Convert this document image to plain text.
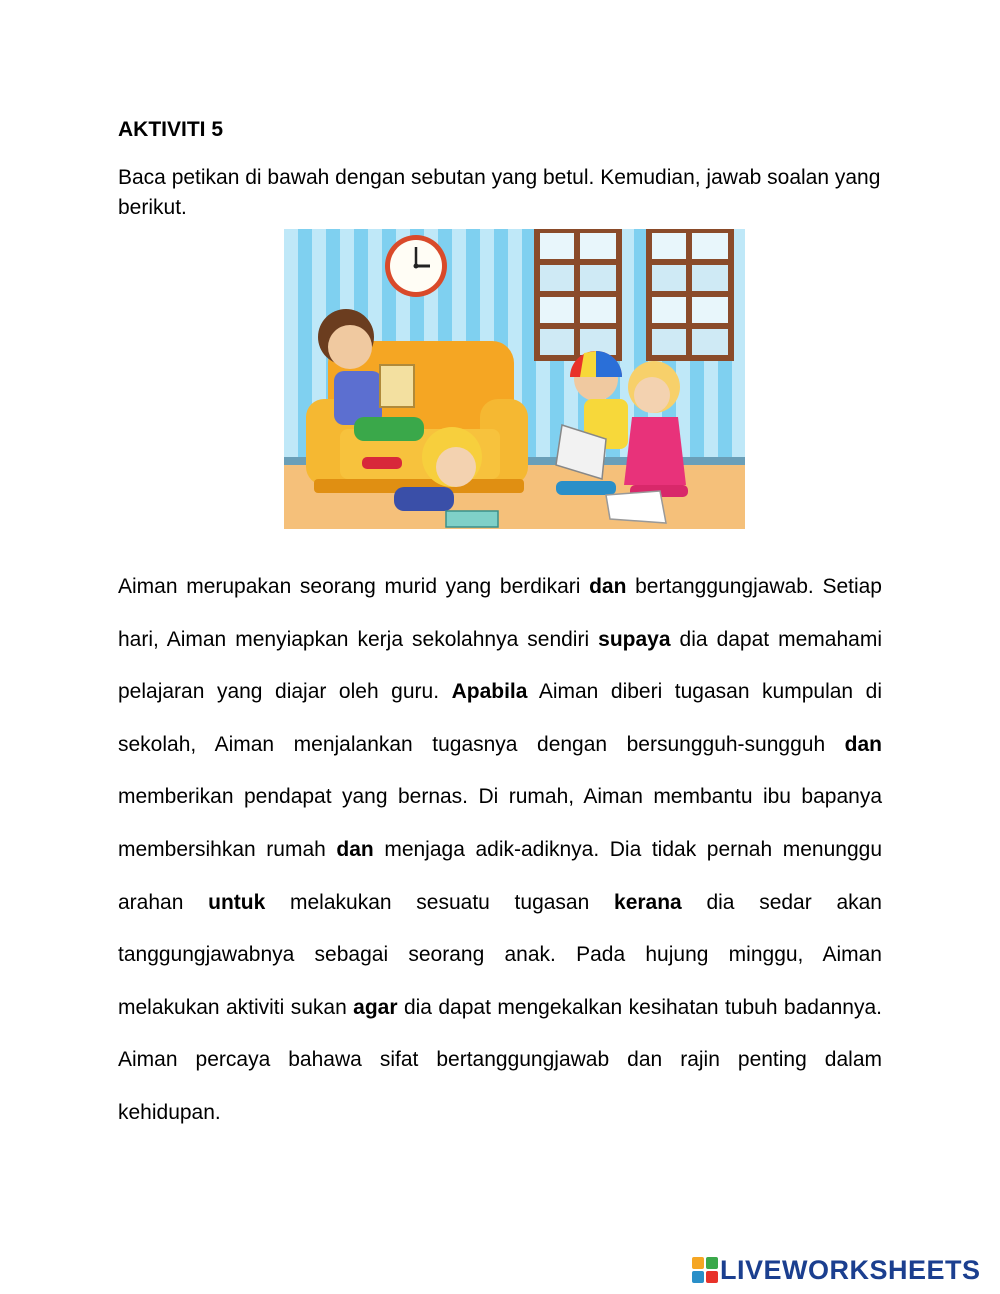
AKTIVITI 5

Baca petikan di bawah dengan sebutan yang betul. Kemudian, jawab soalan yang berikut.

Aiman merupakan seorang murid yang berdikari dan bertanggungjawab. Setiap hari, Aiman menyiapkan kerja sekolahnya sendiri supaya dia dapat memahami pelajaran yang diajar oleh guru. Apabila Aiman diberi tugasan kumpulan di sekolah, Aiman menjalankan tugasnya dengan bersungguh-sungguh dan memberikan pendapat yang bernas. Di rumah, Aiman membantu ibu bapanya membersihkan rumah dan menjaga adik-adiknya. Dia tidak pernah menunggu arahan untuk melakukan sesuatu tugasan kerana dia sedar akan tanggungjawabnya sebagai seorang anak. Pada hujung minggu, Aiman melakukan aktiviti sukan agar dia dapat mengekalkan kesihatan tubuh badannya. Aiman percaya bahawa sifat bertanggungjawab dan rajin penting dalam kehidupan.

LIVEWORKSHEETS
